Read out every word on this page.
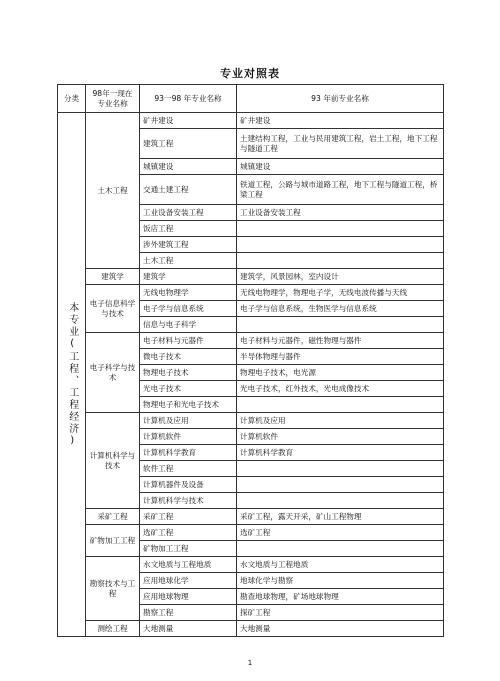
专业对照表
分类	98年一现在专业名称	93一98 年专业名称	93 年前专业名称

本专业(工程、工程经济)	土木工程	矿井建设	矿井建设
		建筑工程	土建结构工程，工业与民用建筑工程，岩土工程，地下工程与隧道工程
		城镇建设	城镇建设
		交通土建工程	铁道工程，公路与城市道路工程，地下工程与隧道工程，桥梁工程
		工业设备安装工程	工业设备安装工程
		饭店工程	
		涉外建筑工程	
		土木工程	
	建筑学	建筑学	建筑学，风景园林，室内设计
	电子信息科学与技术	无线电物理学	无线电物理学，物理电子学，无线电波传播与天线
		电子学与信息系统	电子学与信息系统，生物医学与信息系统
		信息与电子科学	
	电子科学与技术	电子材料与元器件	电子材料与元器件，磁性物理与器件
		微电子技术	半导体物理与器件
		物理电子技术	物理电子技术，电光源
		光电子技术	光电子技术，红外技术，光电成像技术
		物理电子和光电子技术	
	计算机科学与技术	计算机及应用	计算机及应用
		计算机软件	计算机软件
		计算机科学教育	计算机科学教育
		软件工程	
		计算机器件及设备	
		计算机科学与技术	
	采矿工程	采矿工程	采矿工程，露天开采，矿山工程物理
	矿物加工工程	选矿工程	选矿工程
		矿物加工工程	
	勘察技术与工程	水文地质与工程地质	水文地质与工程地质
		应用地球化学	地球化学与勘察
		应用地球物理	勘查地球物理，矿场地球物理
		勘察工程	探矿工程
	测绘工程	大地测量	大地测量
1
